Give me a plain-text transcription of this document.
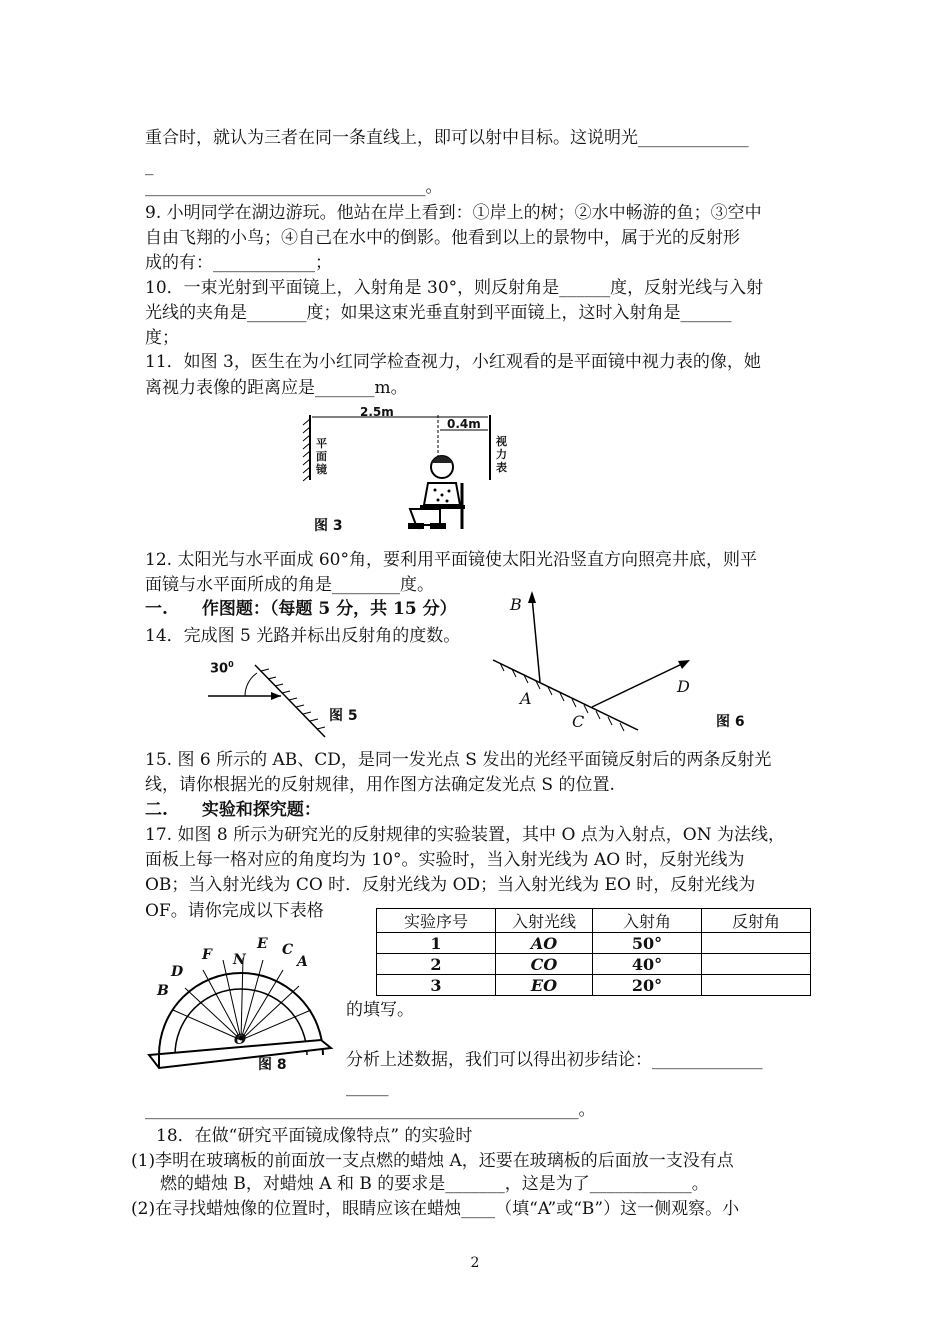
重合时，就认为三者在同一条直线上，即可以射中目标。这说明光_____________
_
_________________________________。
9. 小明同学在湖边游玩。他站在岸上看到：①岸上的树；②水中畅游的鱼；③空中
自由飞翔的小鸟；④自己在水中的倒影。他看到以上的景物中，属于光的反射形
成的有：____________；
10．一束光射到平面镜上，入射角是 30°，则反射角是______度，反射光线与入射
光线的夹角是_______度；如果这束光垂直射到平面镜上，这时入射角是______
度；
11．如图 3，医生在为小红同学检查视力，小红观看的是平面镜中视力表的像，她
离视力表像的距离应是_______m。
2.5m
0.4m
平面镜
视力表
图 3
12. 太阳光与水平面成 60°角，要利用平面镜使太阳光沿竖直方向照亮井底，则平
面镜与水平面所成的角是________度。
一.　　作图题：（每题 5 分，共 15 分）
14．完成图 5 光路并标出反射角的度数。
$30^0$
图 5
B
A
C
D
图 6
15. 图 6 所示的 AB、CD，是同一发光点 S 发出的光经平面镜反射后的两条反射光
线，请你根据光的反射规律，用作图方法确定发光点 S 的位置.
二.　　实验和探究题：
17. 如图 8 所示为研究光的反射规律的实验装置，其中 O 点为入射点，ON 为法线，
面板上每一格对应的角度均为 10°。实验时，当入射光线为 AO 时，反射光线为
OB；当入射光线为 CO 时．反射光线为 OD；当入射光线为 EO 时，反射光线为
OF。请你完成以下表格
实验序号	入射光线	入射角	反射角
1	AO	50°	
2	CO	40°	
3	EO	20°	
F
E C
N	A
D
B
O
图 8
的填写。
分析上述数据，我们可以得出初步结论：_____________
_____
___________________________________________________。
18．在做“研究平面镜成像特点” 的实验时
(1)李明在玻璃板的前面放一支点燃的蜡烛 A，还要在玻璃板的后面放一支没有点
燃的蜡烛 B，对蜡烛 A 和 B 的要求是_______，这是为了____________。
(2)在寻找蜡烛像的位置时，眼睛应该在蜡烛____（填“A”或“B”）这一侧观察。小
2
